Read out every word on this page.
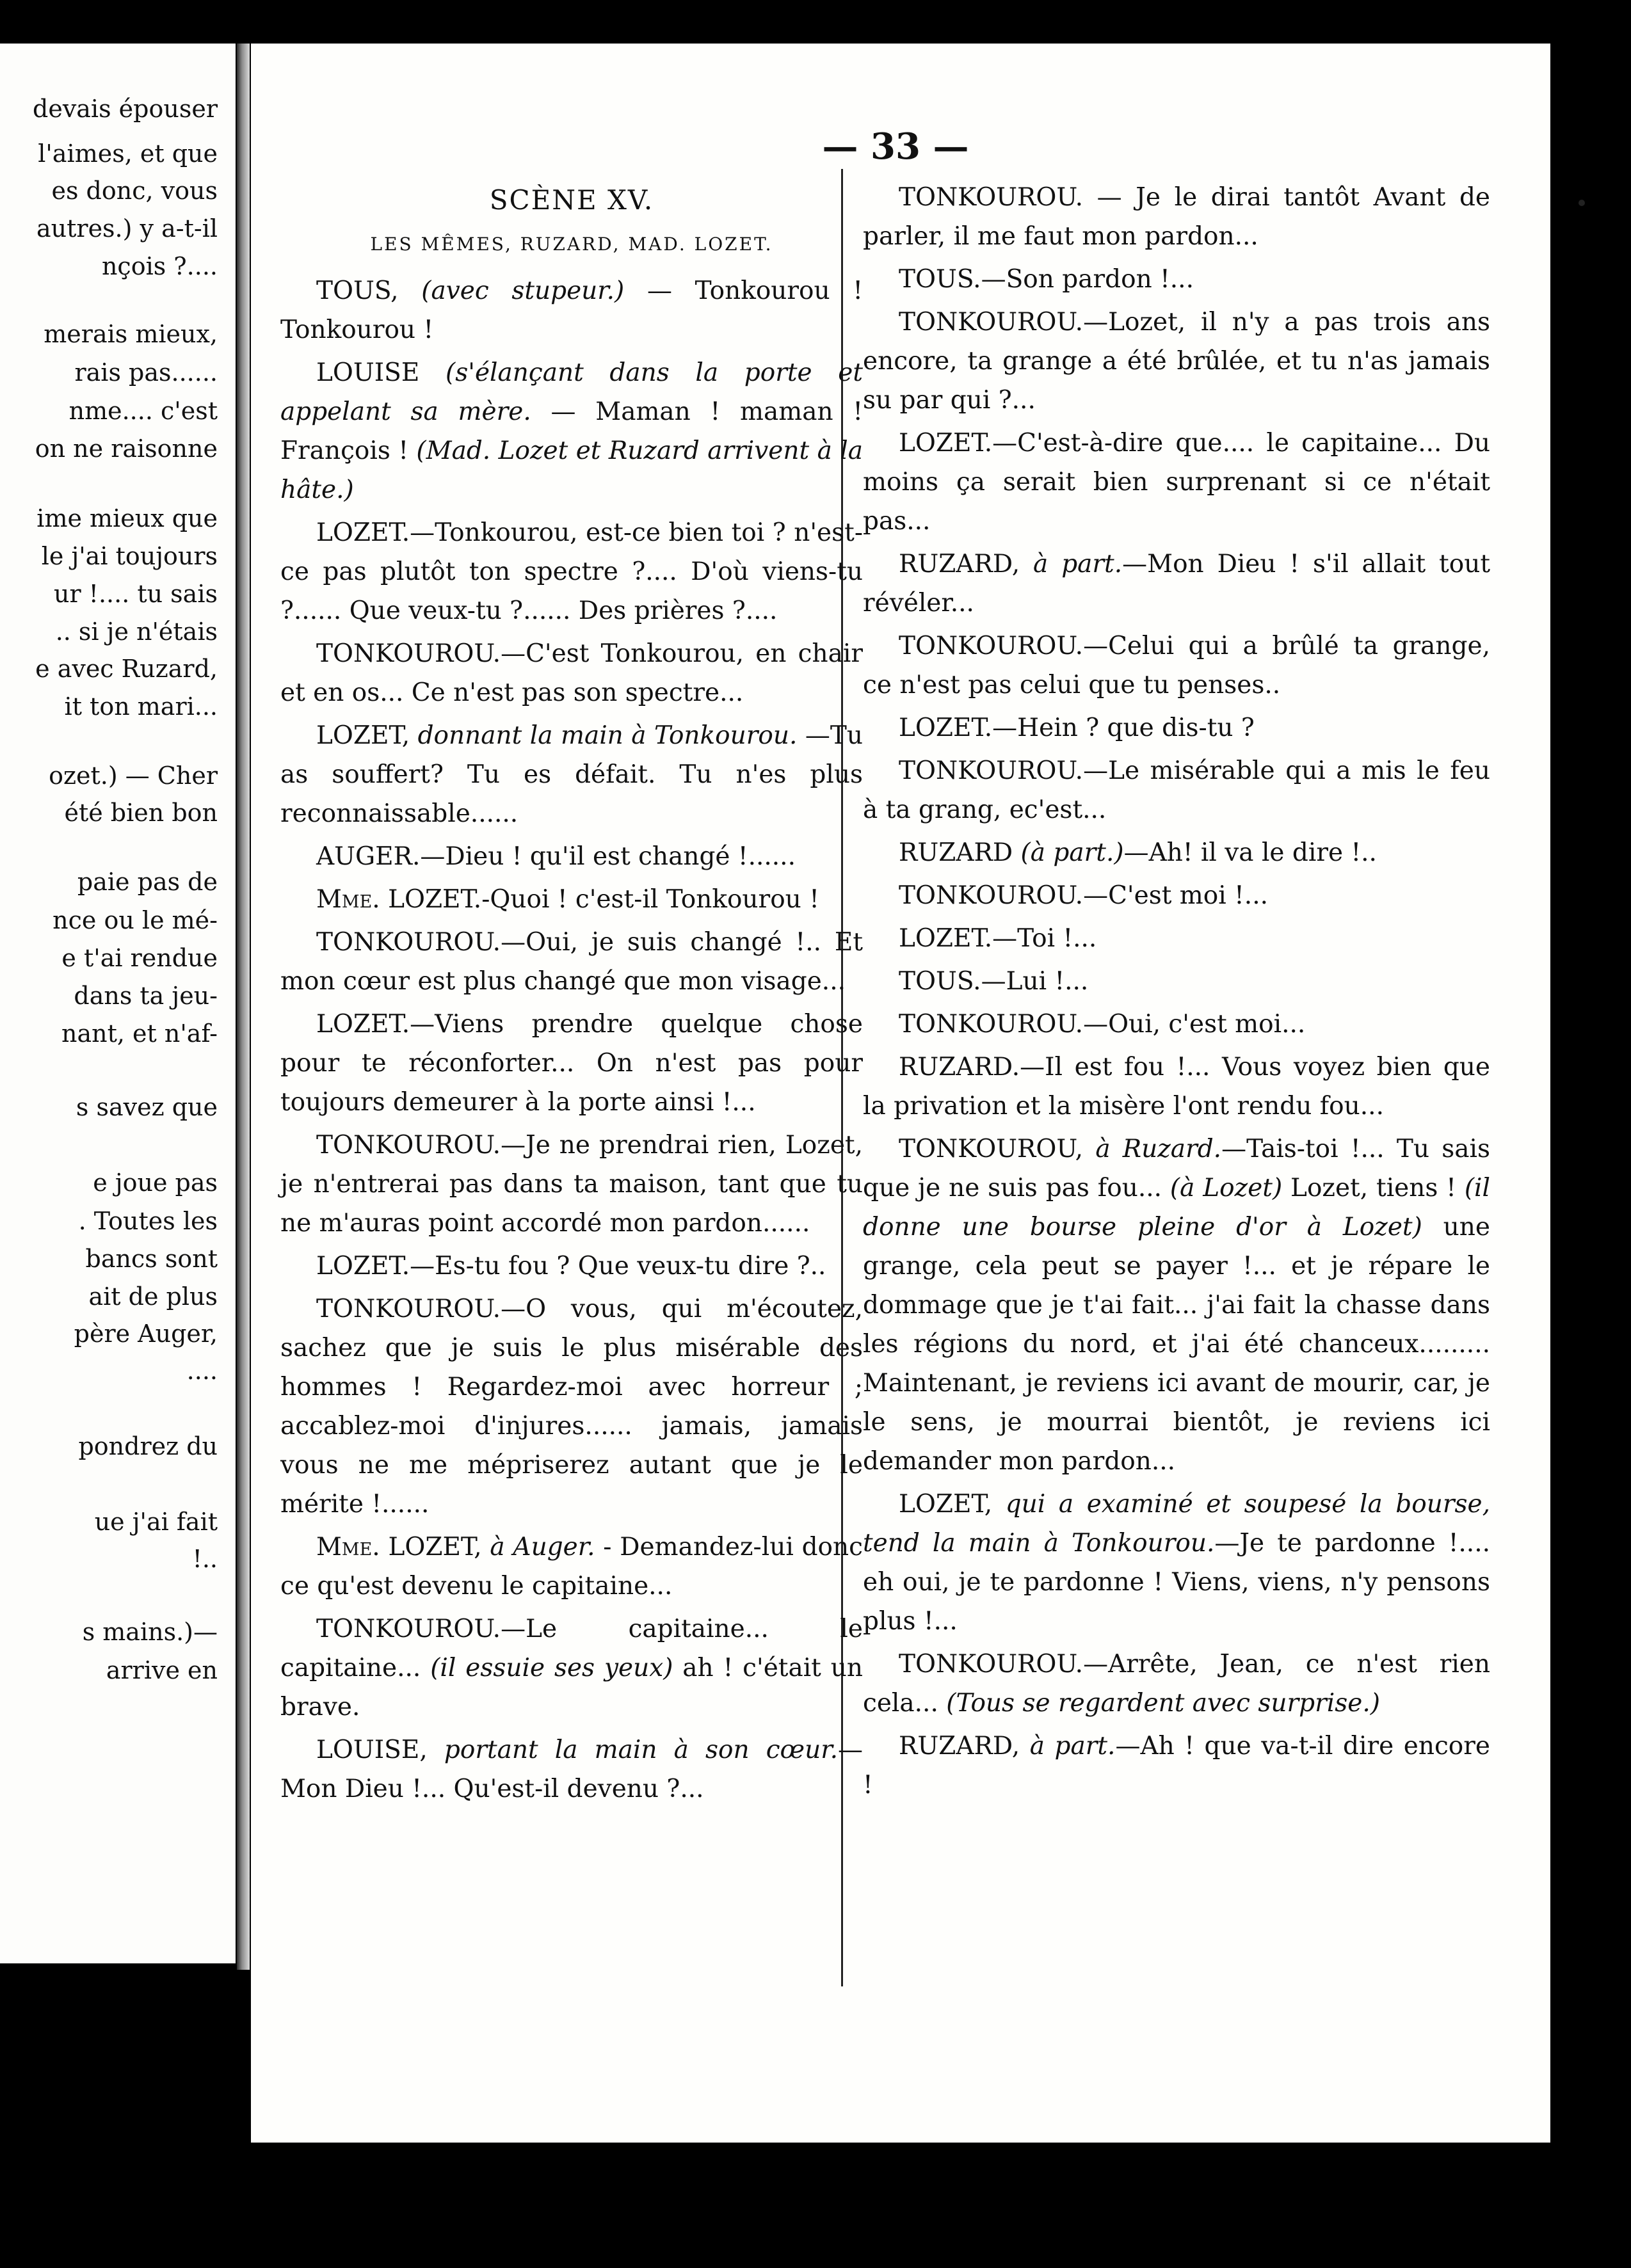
devais épouser
l'aimes, et que
es donc, vous
autres.) y a-t-il
nçois ?....
merais mieux,
rais pas......
nme.... c'est
on ne raisonne
ime mieux que
le j'ai toujours
ur !.... tu sais
.. si je n'étais
e avec Ruzard,
it ton mari...
ozet.) — Cher
été bien bon
paie pas de
nce ou le mé-
e t'ai rendue
dans ta jeu-
nant, et n'af-
s savez que
e joue pas
. Toutes les
bancs sont
ait de plus
père Auger,
....
pondrez du
ue j'ai fait
!..
s mains.)—
arrive en
— 33 —
SCÈNE XV.
LES MÊMES, RUZARD, MAD. LOZET.

TOUS, (avec stupeur.) — Tonkourou ! Tonkourou !

LOUISE (s'élançant dans la porte et appelant sa mère. — Maman ! maman ! François ! (Mad. Lozet et Ruzard arrivent à la hâte.)

LOZET.—Tonkourou, est-ce bien toi ? n'est-ce pas plutôt ton spectre ?.... D'où viens-tu ?...... Que veux-tu ?...... Des prières ?....

TONKOUROU.—C'est Tonkourou, en chair et en os... Ce n'est pas son spectre...

LOZET, donnant la main à Tonkourou. —Tu as souffert? Tu es défait. Tu n'es plus reconnaissable......

AUGER.—Dieu ! qu'il est changé !......

Mme. LOZET.-Quoi ! c'est-il Tonkourou !

TONKOUROU.—Oui, je suis changé !.. Et mon cœur est plus changé que mon visage...

LOZET.—Viens prendre quelque chose pour te réconforter... On n'est pas pour toujours demeurer à la porte ainsi !...

TONKOUROU.—Je ne prendrai rien, Lozet, je n'entrerai pas dans ta maison, tant que tu ne m'auras point accordé mon pardon......

LOZET.—Es-tu fou ? Que veux-tu dire ?..

TONKOUROU.—O vous, qui m'écoutez, sachez que je suis le plus misérable des hommes ! Regardez-moi avec horreur ; accablez-moi d'injures...... jamais, jamais vous ne me mépriserez autant que je le mérite !......

Mme. LOZET, à Auger. - Demandez-lui donc ce qu'est devenu le capitaine...

TONKOUROU.—Le capitaine... le capitaine... (il essuie ses yeux) ah ! c'était un brave.

LOUISE, portant la main à son cœur.— Mon Dieu !... Qu'est-il devenu ?...

TONKOUROU. — Je le dirai tantôt Avant de parler, il me faut mon pardon...

TOUS.—Son pardon !...

TONKOUROU.—Lozet, il n'y a pas trois ans encore, ta grange a été brûlée, et tu n'as jamais su par qui ?...

LOZET.—C'est-à-dire que.... le capitaine... Du moins ça serait bien surprenant si ce n'était pas...

RUZARD, à part.—Mon Dieu ! s'il allait tout révéler...

TONKOUROU.—Celui qui a brûlé ta grange, ce n'est pas celui que tu penses..

LOZET.—Hein ? que dis-tu ?

TONKOUROU.—Le misérable qui a mis le feu à ta grang, ec'est...

RUZARD (à part.)—Ah! il va le dire !..

TONKOUROU.—C'est moi !...

LOZET.—Toi !...

TOUS.—Lui !...

TONKOUROU.—Oui, c'est moi...

RUZARD.—Il est fou !... Vous voyez bien que la privation et la misère l'ont rendu fou...

TONKOUROU, à Ruzard.—Tais-toi !... Tu sais que je ne suis pas fou... (à Lozet) Lozet, tiens ! (il donne une bourse pleine d'or à Lozet) une grange, cela peut se payer !... et je répare le dommage que je t'ai fait... j'ai fait la chasse dans les régions du nord, et j'ai été chanceux......... Maintenant, je reviens ici avant de mourir, car, je le sens, je mourrai bientôt, je reviens ici demander mon pardon...

LOZET, qui a examiné et soupesé la bourse, tend la main à Tonkourou.—Je te pardonne !.... eh oui, je te pardonne ! Viens, viens, n'y pensons plus !...

TONKOUROU.—Arrête, Jean, ce n'est rien cela... (Tous se regardent avec surprise.)

RUZARD, à part.—Ah ! que va-t-il dire encore !
